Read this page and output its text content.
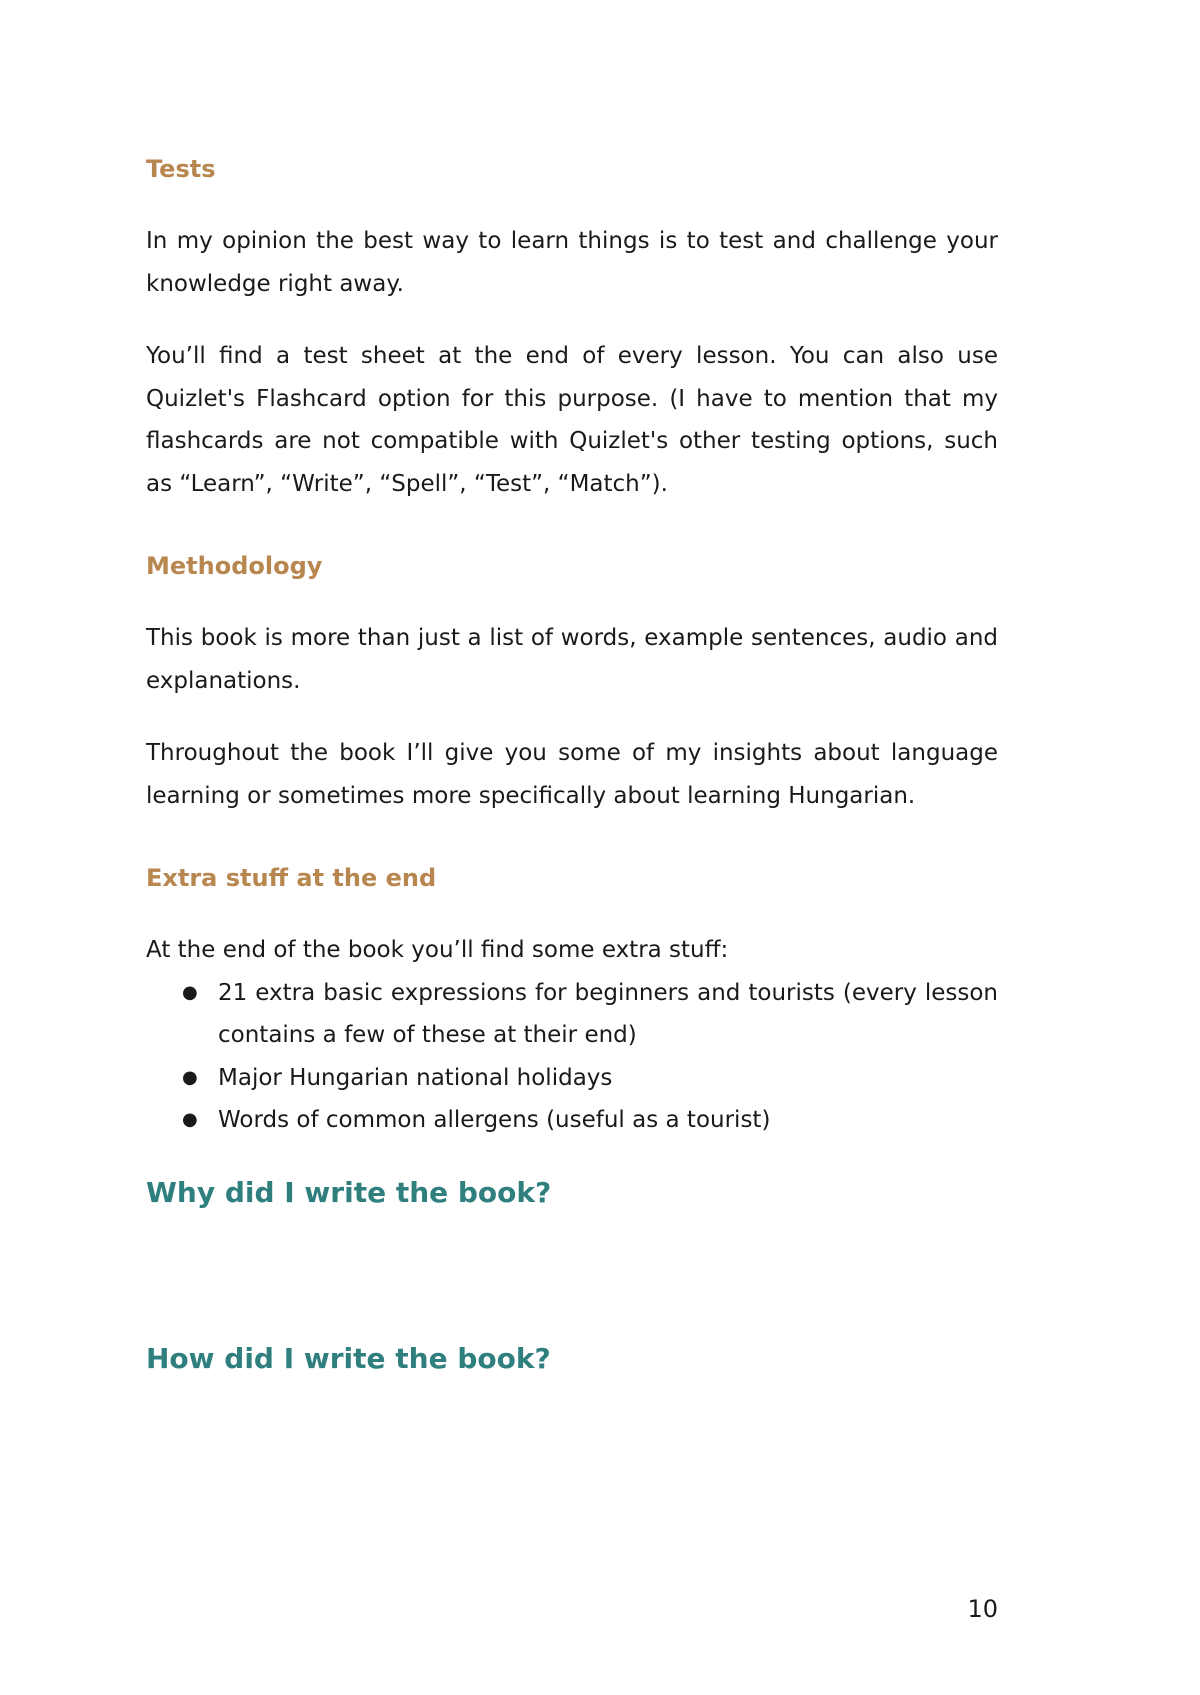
Tests

In my opinion the best way to learn things is to test and challenge your knowledge right away.

You’ll find a test sheet at the end of every lesson. You can also use Quizlet's Flashcard option for this purpose. (I have to mention that my flashcards are not compatible with Quizlet's other testing options, such as “Learn”, “Write”, “Spell”, “Test”, “Match”).

Methodology

This book is more than just a list of words, example sentences, audio and explanations.

Throughout the book I’ll give you some of my insights about language learning or sometimes more specifically about learning Hungarian.

Extra stuff at the end

At the end of the book you’ll find some extra stuff:

● 21 extra basic expressions for beginners and tourists (every lesson contains a few of these at their end)
● Major Hungarian national holidays
● Words of common allergens (useful as a tourist)
Why did I write the book?
How did I write the book?
10
